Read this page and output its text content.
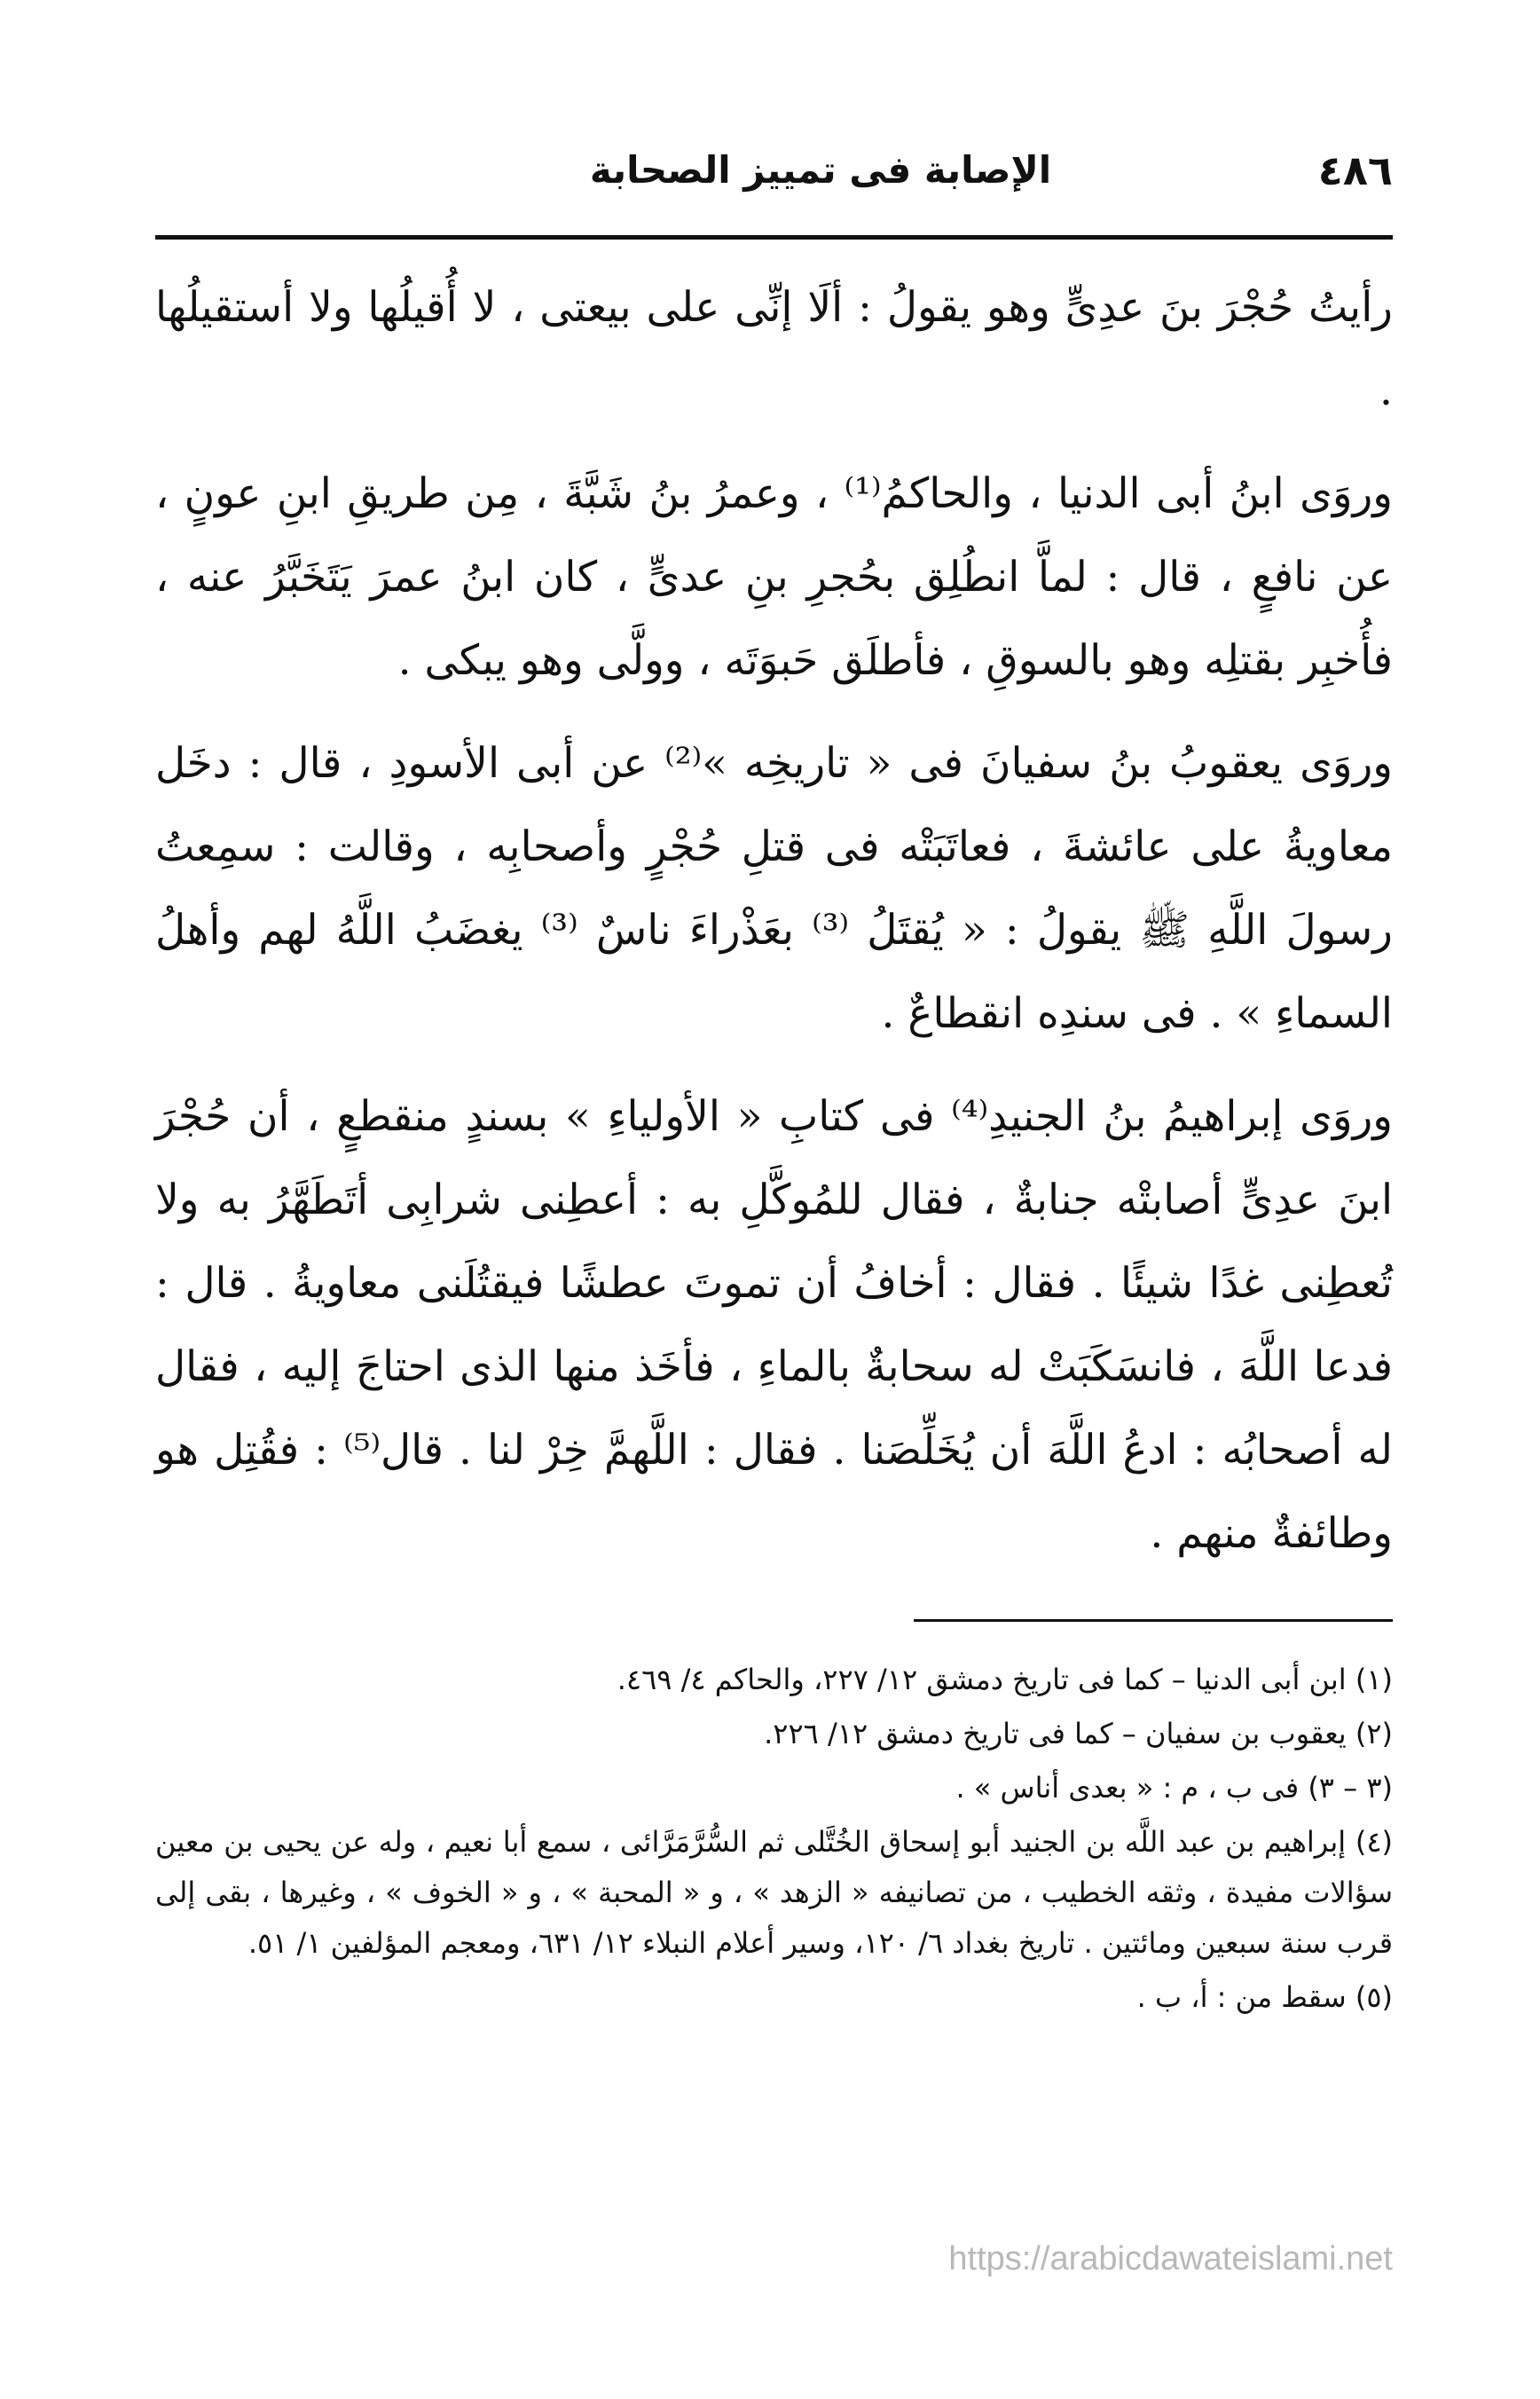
٤٨٦
الإصابة فى تمييز الصحابة

رأيتُ حُجْرَ بنَ عدِىٍّ وهو يقولُ : ألَا إنِّى على بيعتى ، لا أُقيلُها ولا أستقيلُها .

وروَى ابنُ أبى الدنيا ، والحاكمُ⁽¹⁾ ، وعمرُ بنُ شَبَّةَ ، مِن طريقِ ابنِ عونٍ ، عن نافعٍ ، قال : لماَّ انطُلِق بحُجرِ بنِ عدىٍّ ، كان ابنُ عمرَ يَتَخَبَّرُ عنه ، فأُخبِر بقتلِه وهو بالسوقِ ، فأطلَق حَبوَتَه ، وولَّى وهو يبكى .

وروَى يعقوبُ بنُ سفيانَ فى « تاريخِه »⁽²⁾ عن أبى الأسودِ ، قال : دخَل معاويةُ على عائشةَ ، فعاتَبَتْه فى قتلِ حُجْرٍ وأصحابِه ، وقالت : سمِعتُ رسولَ اللَّهِ ﷺ يقولُ : « يُقتَلُ ⁽³⁾ بعَذْراءَ ناسٌ ⁽³⁾ يغضَبُ اللَّهُ لهم وأهلُ السماءِ » . فى سندِه انقطاعٌ .

وروَى إبراهيمُ بنُ الجنيدِ⁽⁴⁾ فى كتابِ « الأولياءِ » بسندٍ منقطعٍ ، أن حُجْرَ ابنَ عدِىٍّ أصابتْه جنابةٌ ، فقال للمُوكَّلِ به : أعطِنى شرابِى أتَطَهَّرُ به ولا تُعطِنى غدًا شيئًا . فقال : أخافُ أن تموتَ عطشًا فيقتُلَنى معاويةُ . قال : فدعا اللَّهَ ، فانسَكَبَتْ له سحابةٌ بالماءِ ، فأخَذ منها الذى احتاجَ إليه ، فقال له أصحابُه : ادعُ اللَّهَ أن يُخَلِّصَنا . فقال : اللَّهمَّ خِرْ لنا . قال⁽⁵⁾ : فقُتِل هو وطائفةٌ منهم .

(١) ابن أبى الدنيا – كما فى تاريخ دمشق ١٢/ ٢٢٧، والحاكم ٤/ ٤٦٩.

(٢) يعقوب بن سفيان – كما فى تاريخ دمشق ١٢/ ٢٢٦.

(٣ – ٣) فى ب ، م : « بعدى أناس » .

(٤) إبراهيم بن عبد اللَّه بن الجنيد أبو إسحاق الخُتَّلى ثم السُّرَّمَرَّائى ، سمع أبا نعيم ، وله عن يحيى بن معين سؤالات مفيدة ، وثقه الخطيب ، من تصانيفه « الزهد » ، و « المحبة » ، و « الخوف » ، وغيرها ، بقى إلى قرب سنة سبعين ومائتين . تاريخ بغداد ٦/ ١٢٠، وسير أعلام النبلاء ١٢/ ٦٣١، ومعجم المؤلفين ١/ ٥١.

(٥) سقط من : أ، ب .

https://arabicdawateislami.net
